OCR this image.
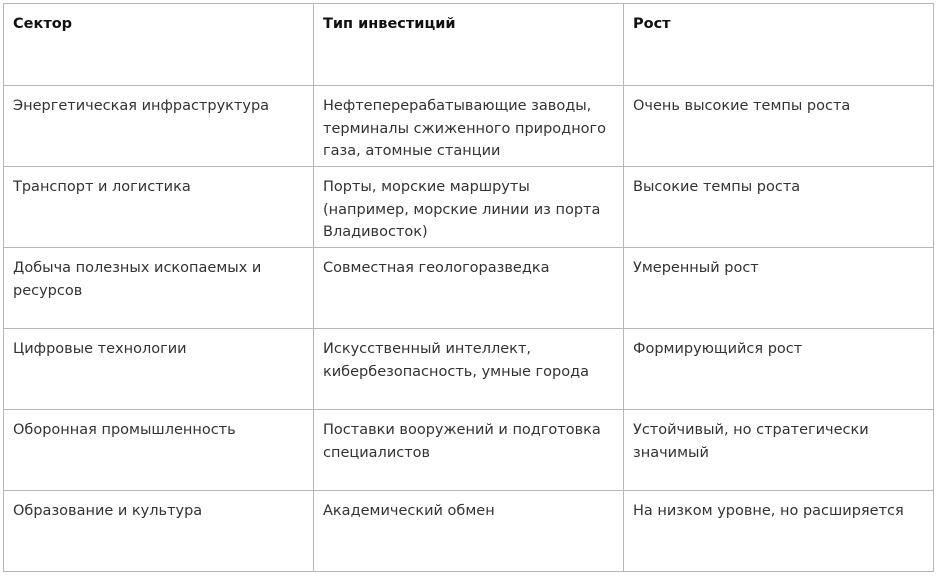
Сектор	Тип инвестиций	Рост
Энергетическая инфраструктура	Нефтеперерабатывающие заводы, терминалы сжиженного природного газа, атомные станции	Очень высокие темпы роста
Транспорт и логистика	Порты, морские маршруты (например, морские линии из порта Владивосток)	Высокие темпы роста
Добыча полезных ископаемых и ресурсов	Совместная геологоразведка	Умеренный рост
Цифровые технологии	Искусственный интеллект, кибербезопасность, умные города	Формирующийся рост
Оборонная промышленность	Поставки вооружений и подготовка специалистов	Устойчивый, но стратегически значимый
Образование и культура	Академический обмен	На низком уровне, но расширяется
